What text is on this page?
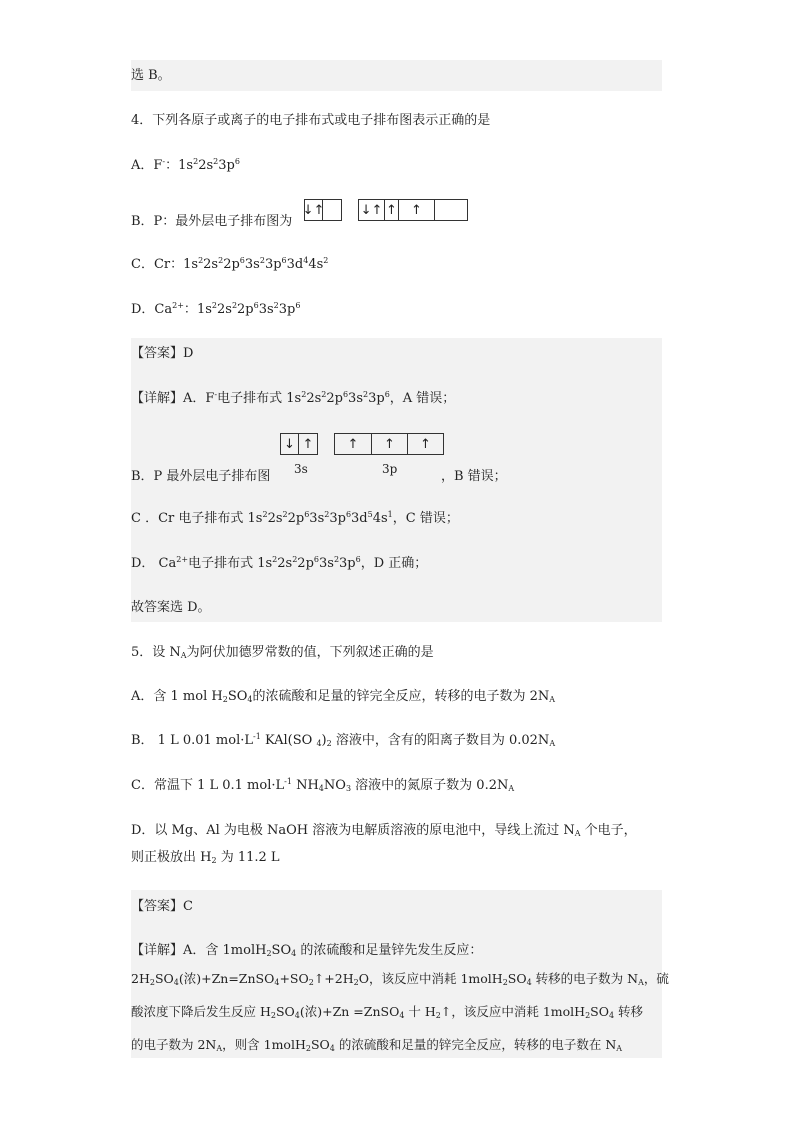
选 B。
4．下列各原子或离子的电子排布式或电子排布图表示正确的是
A．F-：$1s^22s^23p^6$
B．P：最外层电子排布图为
↓ ↑	↓ ↑ ↑ ↑
C．Cr：$1s^22s^22p^63s^23p^63d^44s^2$
D．$Ca^{2+}$：$1s^22s^22p^63s^23p^6$
【答案】D
【详解】A．F-电子排布式 $1s^22s^22p^63s^23p^6$，A 错误；
↓ ↑	↑ ↑ ↑
3s	3p
B．P 最外层电子排布图	，B 错误；
C ．Cr 电子排布式 $1s^22s^22p^63s^23p^63d^54s^1$，C 错误；
D． $Ca^{2+}$电子排布式 $1s^22s^22p^63s^23p^6$，D 正确；
故答案选 D。
5．设 $N_A$为阿伏加德罗常数的值，下列叙述正确的是
A．含 1 mol $H_2SO_4$的浓硫酸和足量的锌完全反应，转移的电子数为 $2N_A$
B． 1 L 0.01 $mol\cdot L^{-1}$ KAl(SO $_4)_2$ 溶液中，含有的阳离子数目为 $0.02N_A$
C．常温下 1 L 0.1 $mol\cdot L^{-1}$ $NH_4NO_3$ 溶液中的氮原子数为 $0.2N_A$
D．以 Mg、Al 为电极 NaOH 溶液为电解质溶液的原电池中，导线上流过 $N_A$ 个电子，
则正极放出 $H_2$ 为 11.2 L
【答案】C
【详解】A．含 $1molH_2SO_4$ 的浓硫酸和足量锌先发生反应：
$2H_2SO_4$(浓)$+Zn=ZnSO_4+SO_2↑+2H_2O$，该反应中消耗 $1molH_2SO_4$ 转移的电子数为 $N_A$，硫
酸浓度下降后发生反应 $H_2SO_4$(浓)+Zn =ZnSO$_4$ 十 $H_2↑$，该反应中消耗 $1molH_2SO_4$ 转移
的电子数为 $2N_A$，则含 $1molH_2SO_4$ 的浓硫酸和足量的锌完全反应，转移的电子数在 $N_A$
